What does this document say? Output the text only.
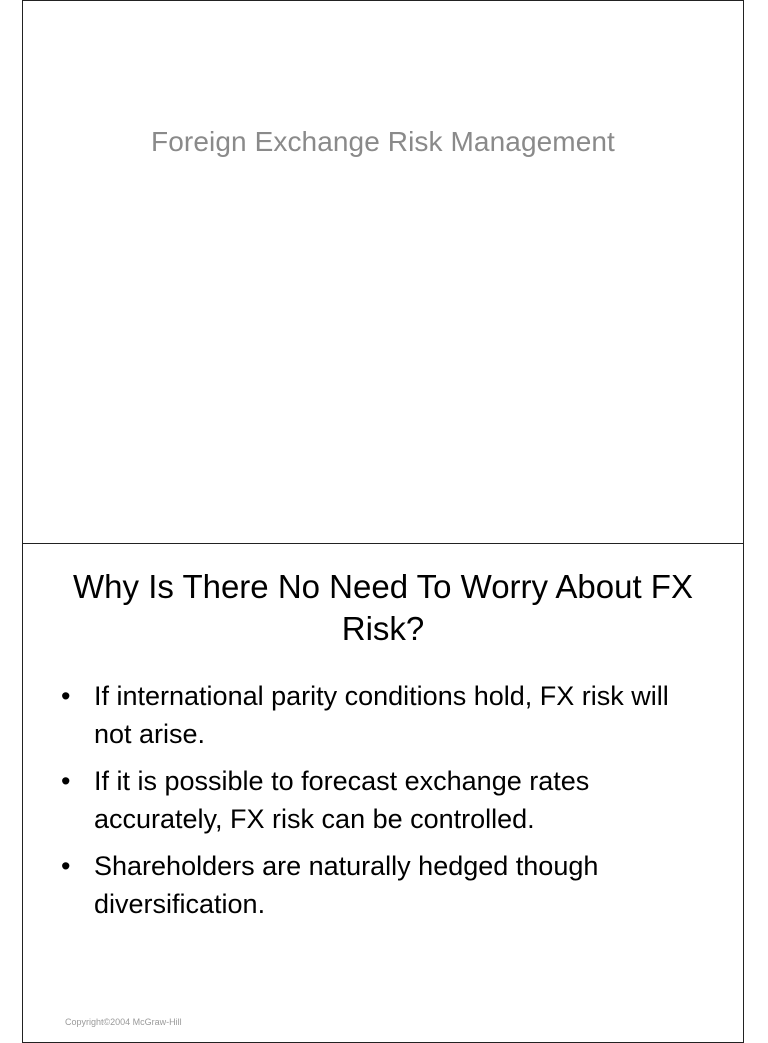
Foreign Exchange Risk Management
Why Is There No Need To Worry About FX Risk?
• If international parity conditions hold, FX risk will not arise.
• If it is possible to forecast exchange rates accurately, FX risk can be controlled.
• Shareholders are naturally hedged though diversification.
Copyright©2004 McGraw-Hill
